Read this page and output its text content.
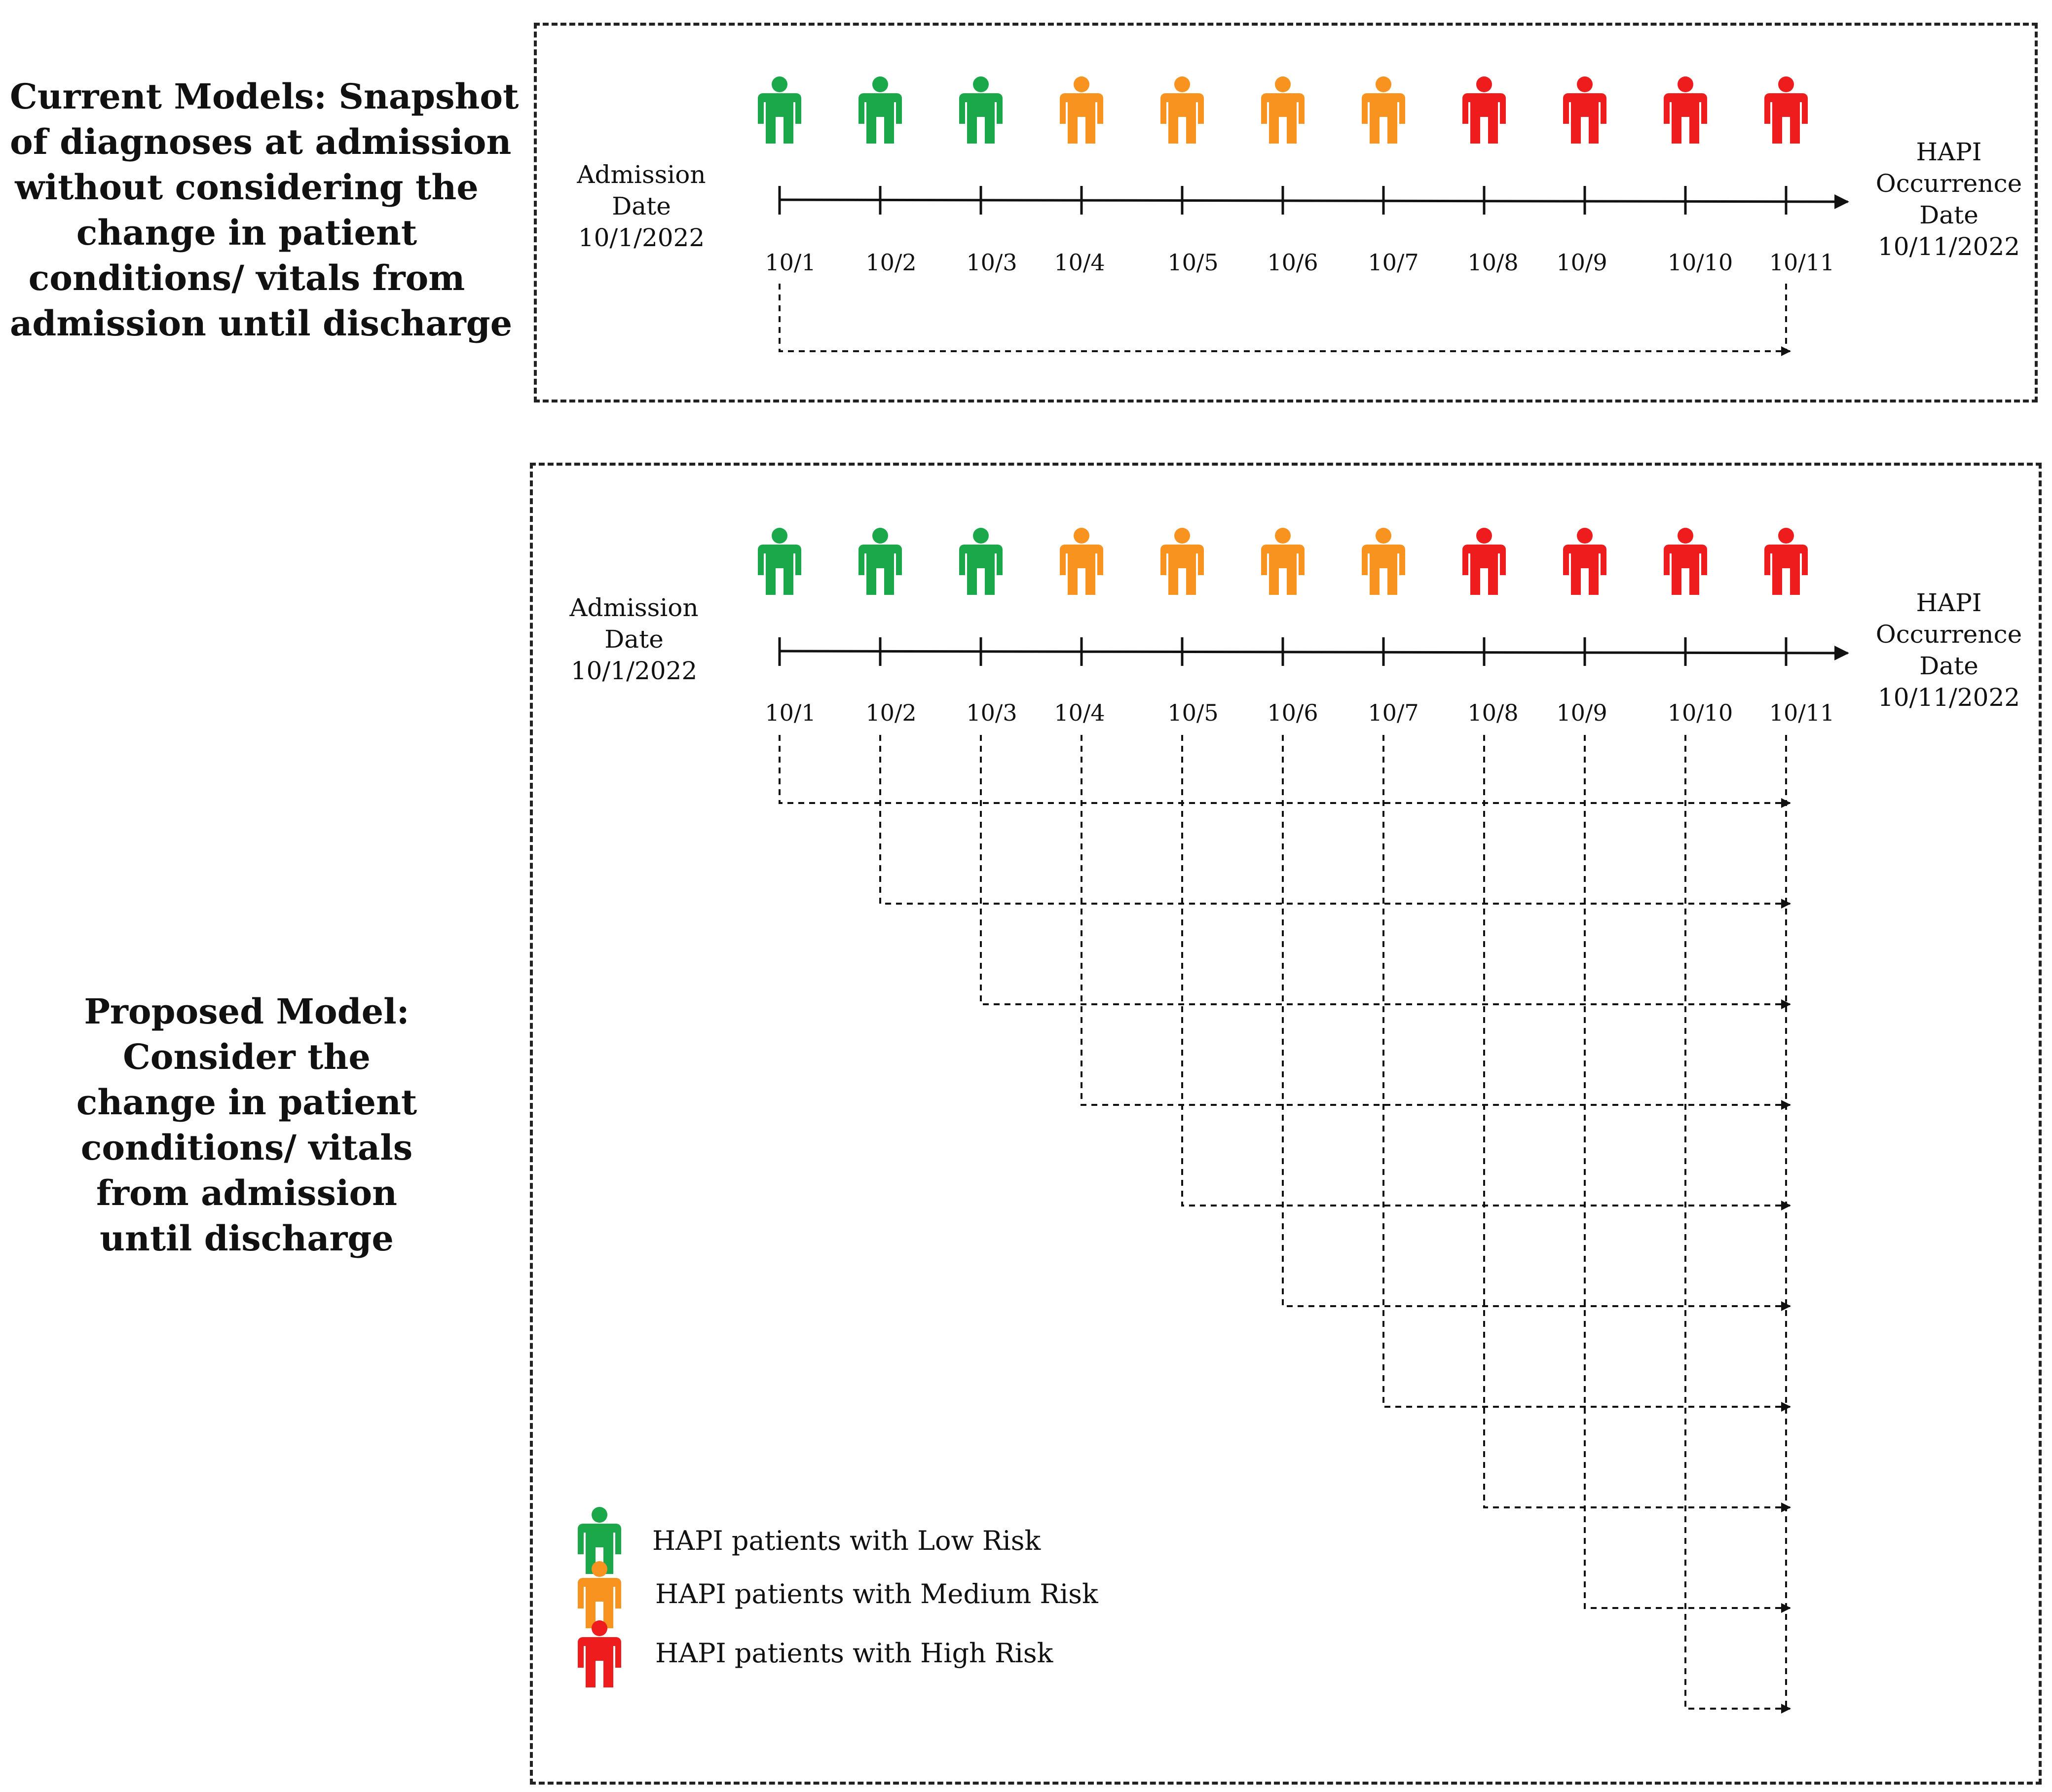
Current Models: Snapshot
of diagnoses at admission
without considering the
change in patient
conditions/ vitals from
admission until discharge
Proposed Model:
Consider the
change in patient
conditions/ vitals
from admission
until discharge
Admission
Date
10/1/2022
HAPI
Occurrence
Date
10/11/2022
Admission
Date
10/1/2022
HAPI
Occurrence
Date
10/11/2022
10/1 10/2 10/3 10/4	10/5 10/6 10/7 10/8 10/9	10/10 10/11
10/1 10/2 10/3 10/4	10/5 10/6 10/7 10/8 10/9	10/10 10/11
HAPI patients with Low Risk
HAPI patients with Medium Risk
HAPI patients with High Risk
